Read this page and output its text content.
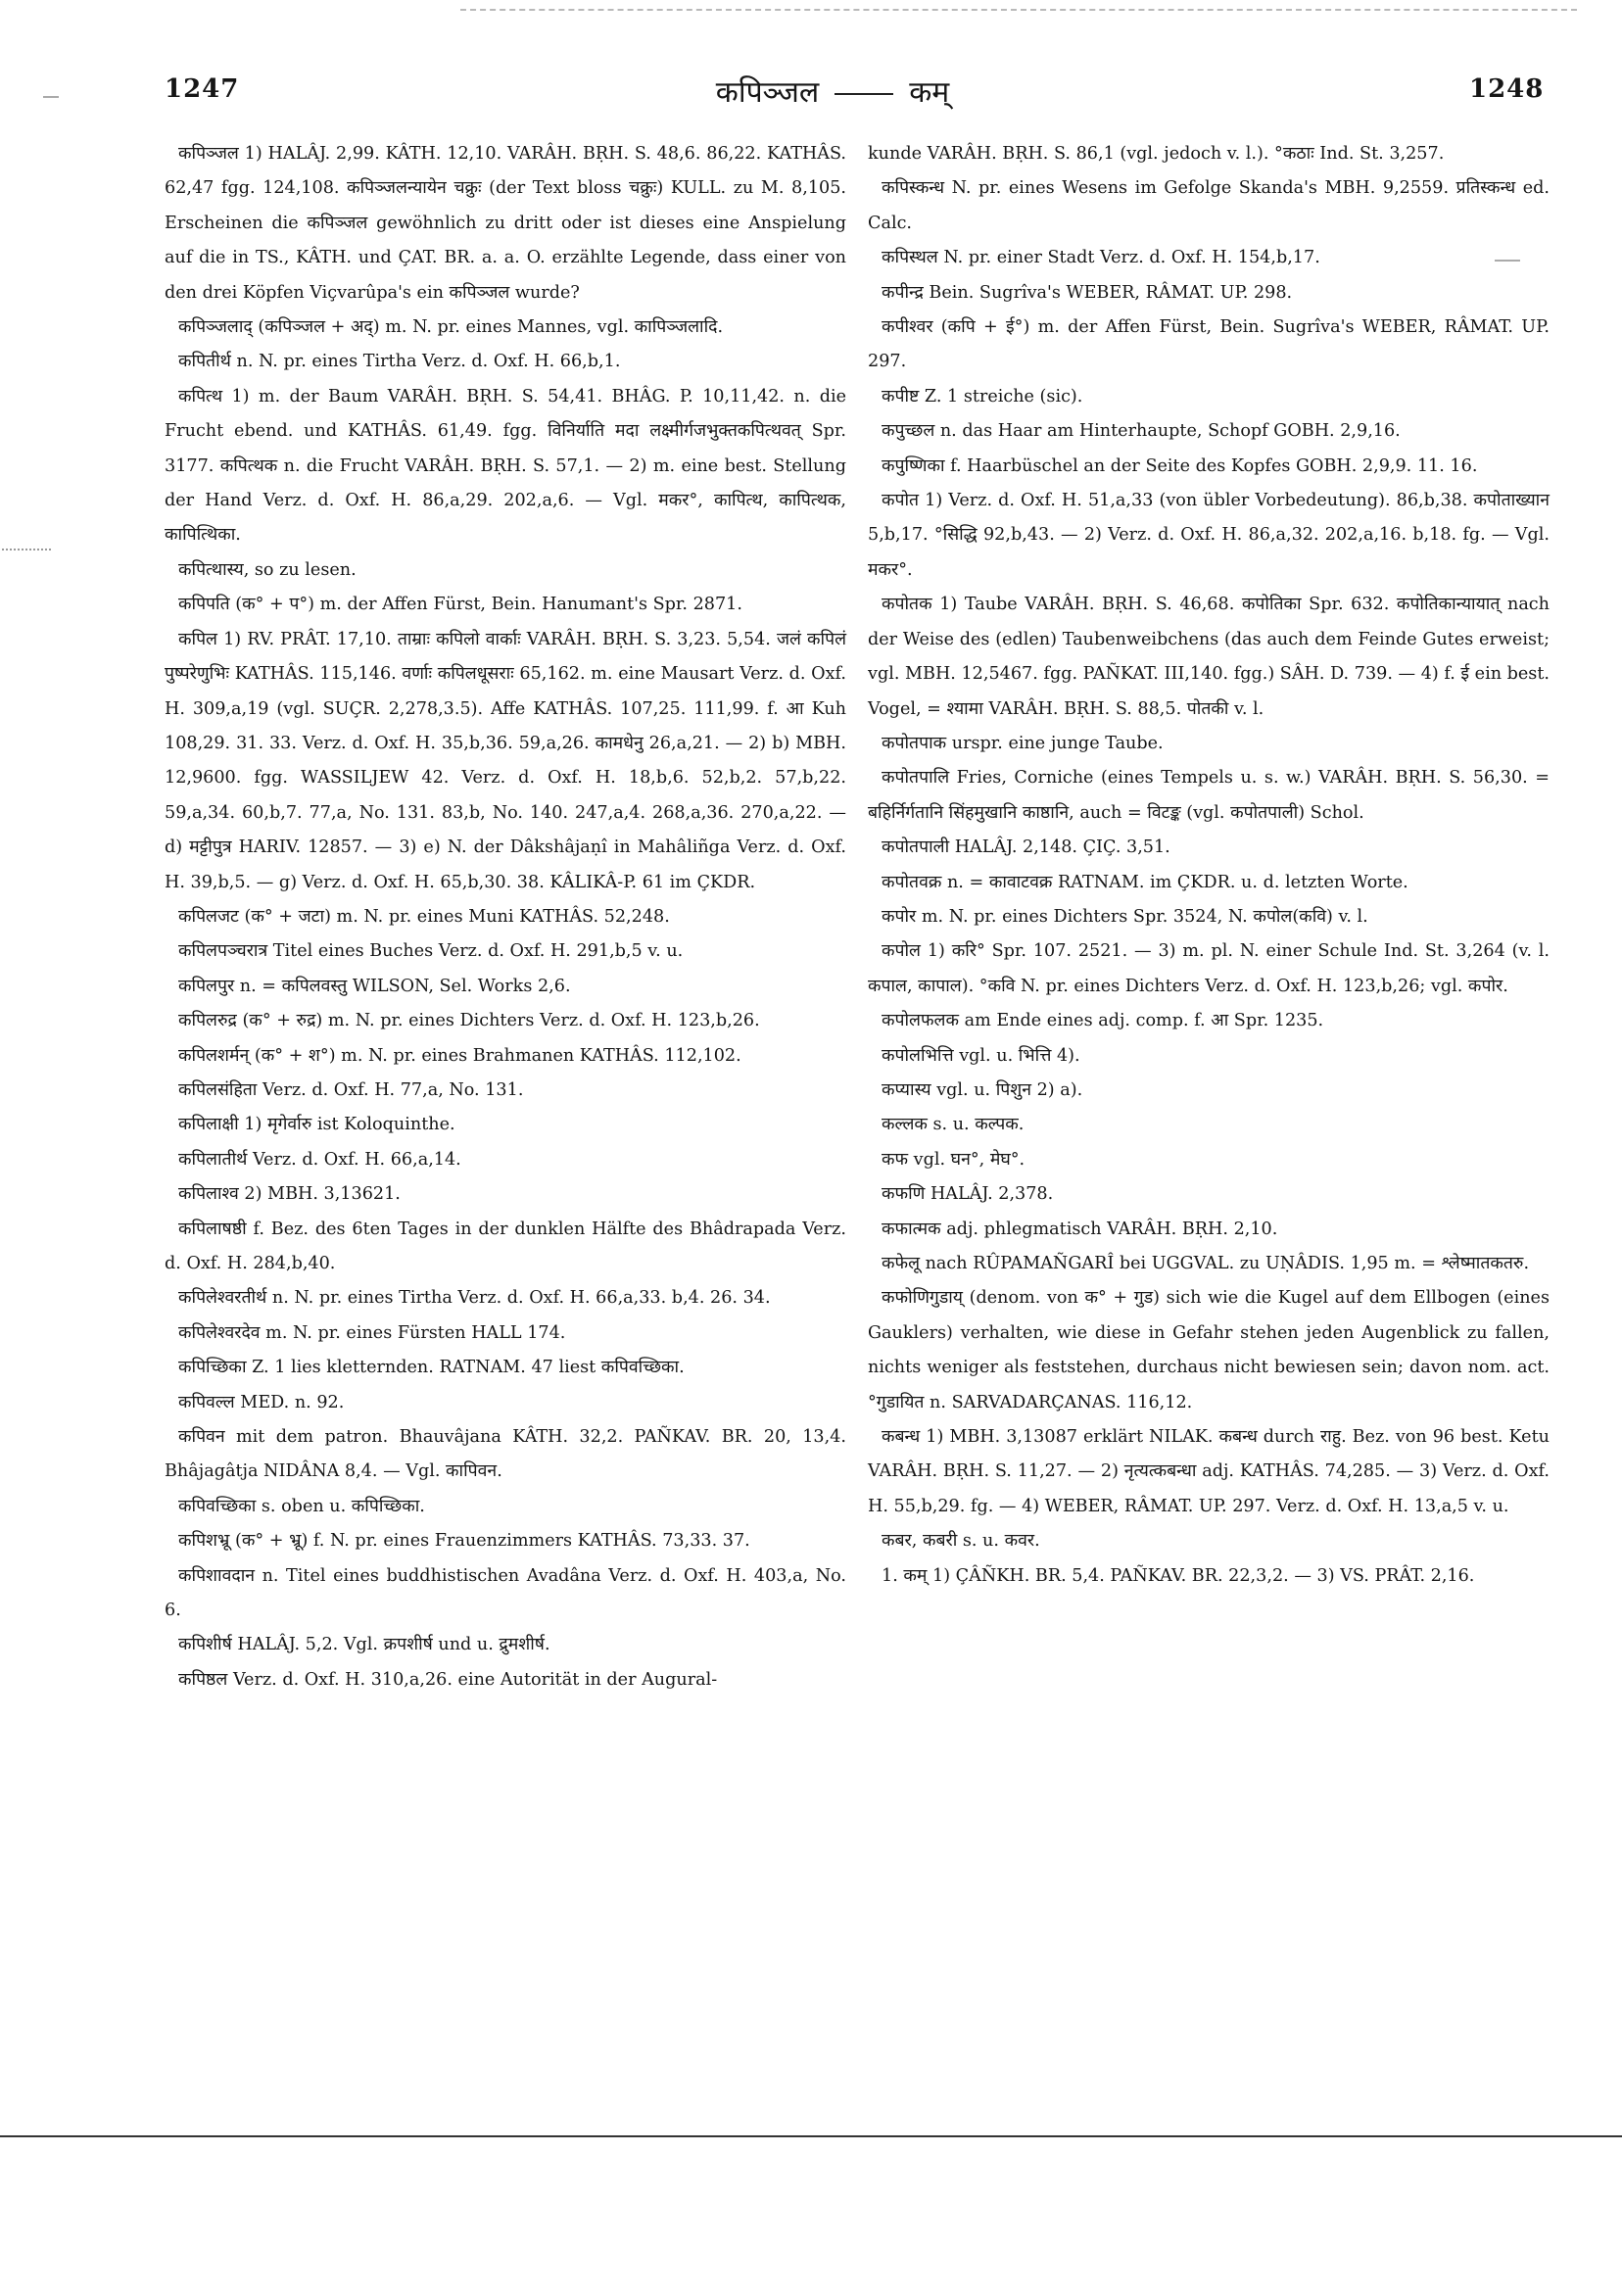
1247	कपिञ्जल	कम्	1248

कपिञ्जल 1) HALÂJ. 2,99. KÂTH. 12,10. VARÂH. BṚH. S. 48,6. 86,22. KATHÂS. 62,47 fgg. 124,108. कपिञ्जलन्यायेन चक्रुः (der Text bloss चक्रुः) KULL. zu M. 8,105. Erscheinen die कपिञ्जल gewöhnlich zu dritt oder ist dieses eine Anspielung auf die in TS., KÂTH. und ÇAT. BR. a. a. O. erzählte Legende, dass einer von den drei Köpfen Viçvarûpa's ein कपिञ्जल wurde?

कपिञ्जलाद् (कपिञ्जल + अद्) m. N. pr. eines Mannes, vgl. कापिञ्जलादि.

कपितीर्थ n. N. pr. eines Tirtha Verz. d. Oxf. H. 66,b,1.

कपित्थ 1) m. der Baum VARÂH. BṚH. S. 54,41. BHÂG. P. 10,11,42. n. die Frucht ebend. und KATHÂS. 61,49. fgg. विनिर्याति मदा लक्ष्मीर्गजभुक्तकपित्थवत् Spr. 3177. कपित्थक n. die Frucht VARÂH. BṚH. S. 57,1. — 2) m. eine best. Stellung der Hand Verz. d. Oxf. H. 86,a,29. 202,a,6. — Vgl. मकर°, कापित्थ, कापित्थक, कापित्थिका.

कपित्थास्य, so zu lesen.

कपिपति (क° + प°) m. der Affen Fürst, Bein. Hanumant's Spr. 2871.

कपिल 1) RV. PRÂT. 17,10. ताम्राः कपिलो वार्काः VARÂH. BṚH. S. 3,23. 5,54. जलं कपिलं पुष्परेणुभिः KATHÂS. 115,146. वर्णाः कपिलधूसराः 65,162. m. eine Mausart Verz. d. Oxf. H. 309,a,19 (vgl. SUÇR. 2,278,3.5). Affe KATHÂS. 107,25. 111,99. f. आ Kuh 108,29. 31. 33. Verz. d. Oxf. H. 35,b,36. 59,a,26. कामधेनु 26,a,21. — 2) b) MBH. 12,9600. fgg. WASSILJEW 42. Verz. d. Oxf. H. 18,b,6. 52,b,2. 57,b,22. 59,a,34. 60,b,7. 77,a, No. 131. 83,b, No. 140. 247,a,4. 268,a,36. 270,a,22. — d) मट्टीपुत्र HARIV. 12857. — 3) e) N. der Dâkshâjaṇî in Mahâliñga Verz. d. Oxf. H. 39,b,5. — g) Verz. d. Oxf. H. 65,b,30. 38. KÂLIKÂ-P. 61 im ÇKDR.

कपिलजट (क° + जटा) m. N. pr. eines Muni KATHÂS. 52,248.

कपिलपञ्चरात्र Titel eines Buches Verz. d. Oxf. H. 291,b,5 v. u.

कपिलपुर n. = कपिलवस्तु WILSON, Sel. Works 2,6.

कपिलरुद्र (क° + रुद्र) m. N. pr. eines Dichters Verz. d. Oxf. H. 123,b,26.

कपिलशर्मन् (क° + श°) m. N. pr. eines Brahmanen KATHÂS. 112,102.

कपिलसंहिता Verz. d. Oxf. H. 77,a, No. 131.

कपिलाक्षी 1) मृगेर्वारु ist Koloquinthe.

कपिलातीर्थ Verz. d. Oxf. H. 66,a,14.

कपिलाश्व 2) MBH. 3,13621.

कपिलाषष्ठी f. Bez. des 6ten Tages in der dunklen Hälfte des Bhâdrapada Verz. d. Oxf. H. 284,b,40.

कपिलेश्वरतीर्थ n. N. pr. eines Tirtha Verz. d. Oxf. H. 66,a,33. b,4. 26. 34.

कपिलेश्वरदेव m. N. pr. eines Fürsten HALL 174.

कपिच्छिका Z. 1 lies kletternden. RATNAM. 47 liest कपिवच्छिका.

कपिवल्ल MED. n. 92.

कपिवन mit dem patron. Bhauvâjana KÂTH. 32,2. PAÑKAV. BR. 20, 13,4. Bhâjagâtja NIDÂNA 8,4. — Vgl. कापिवन.

कपिवच्छिका s. oben u. कपिच्छिका.

कपिशभ्रू (क° + भ्रू) f. N. pr. eines Frauenzimmers KATHÂS. 73,33. 37.

कपिशावदान n. Titel eines buddhistischen Avadâna Verz. d. Oxf. H. 403,a, No. 6.

कपिशीर्ष HALÂJ. 5,2. Vgl. क्रपशीर्ष und u. द्रुमशीर्ष.

कपिष्ठल Verz. d. Oxf. H. 310,a,26. eine Autorität in der Augural-

kunde VARÂH. BṚH. S. 86,1 (vgl. jedoch v. l.). °कठाः Ind. St. 3,257.

कपिस्कन्ध N. pr. eines Wesens im Gefolge Skanda's MBH. 9,2559. प्रतिस्कन्ध ed. Calc.

कपिस्थल N. pr. einer Stadt Verz. d. Oxf. H. 154,b,17.

कपीन्द्र Bein. Sugrîva's WEBER, RÂMAT. UP. 298.

कपीश्वर (कपि + ई°) m. der Affen Fürst, Bein. Sugrîva's WEBER, RÂMAT. UP. 297.

कपीष्ट Z. 1 streiche (sic).

कपुच्छल n. das Haar am Hinterhaupte, Schopf GOBH. 2,9,16.

कपुष्णिका f. Haarbüschel an der Seite des Kopfes GOBH. 2,9,9. 11. 16.

कपोत 1) Verz. d. Oxf. H. 51,a,33 (von übler Vorbedeutung). 86,b,38. कपोताख्यान 5,b,17. °सिद्धि 92,b,43. — 2) Verz. d. Oxf. H. 86,a,32. 202,a,16. b,18. fg. — Vgl. मकर°.

कपोतक 1) Taube VARÂH. BṚH. S. 46,68. कपोतिका Spr. 632. कपोतिकान्यायात् nach der Weise des (edlen) Taubenweibchens (das auch dem Feinde Gutes erweist; vgl. MBH. 12,5467. fgg. PAÑKAT. III,140. fgg.) SÂH. D. 739. — 4) f. ई ein best. Vogel, = श्यामा VARÂH. BṚH. S. 88,5. पोतकी v. l.

कपोतपाक urspr. eine junge Taube.

कपोतपालि Fries, Corniche (eines Tempels u. s. w.) VARÂH. BṚH. S. 56,30. = बहिर्निर्गतानि सिंहमुखानि काष्ठानि, auch = विटङ्क (vgl. कपोतपाली) Schol.

कपोतपाली HALÂJ. 2,148. ÇIÇ. 3,51.

कपोतवक्र n. = कावाटवक्र RATNAM. im ÇKDR. u. d. letzten Worte.

कपोर m. N. pr. eines Dichters Spr. 3524, N. कपोल(कवि) v. l.

कपोल 1) करि° Spr. 107. 2521. — 3) m. pl. N. einer Schule Ind. St. 3,264 (v. l. कपाल, कापाल). °कवि N. pr. eines Dichters Verz. d. Oxf. H. 123,b,26; vgl. कपोर.

कपोलफलक am Ende eines adj. comp. f. आ Spr. 1235.

कपोलभित्ति vgl. u. भित्ति 4).

कप्यास्य vgl. u. पिशुन 2) a).

कल्लक s. u. कल्पक.

कफ vgl. घन°, मेघ°.

कफणि HALÂJ. 2,378.

कफात्मक adj. phlegmatisch VARÂH. BṚH. 2,10.

कफेलू nach RÛPAMAÑGARÎ bei UGGVAL. zu UṆÂDIS. 1,95 m. = श्लेष्मातकतरु.

कफोणिगुडाय् (denom. von क° + गुड) sich wie die Kugel auf dem Ellbogen (eines Gauklers) verhalten, wie diese in Gefahr stehen jeden Augenblick zu fallen, nichts weniger als feststehen, durchaus nicht bewiesen sein; davon nom. act. °गुडायित n. SARVADARÇANAS. 116,12.

कबन्ध 1) MBH. 3,13087 erklärt NILAK. कबन्ध durch राहु. Bez. von 96 best. Ketu VARÂH. BṚH. S. 11,27. — 2) नृत्यत्कबन्धा adj. KATHÂS. 74,285. — 3) Verz. d. Oxf. H. 55,b,29. fg. — 4) WEBER, RÂMAT. UP. 297. Verz. d. Oxf. H. 13,a,5 v. u.

कबर, कबरी s. u. कवर.

1. कम् 1) ÇÂÑKH. BR. 5,4. PAÑKAV. BR. 22,3,2. — 3) VS. PRÂT. 2,16.
